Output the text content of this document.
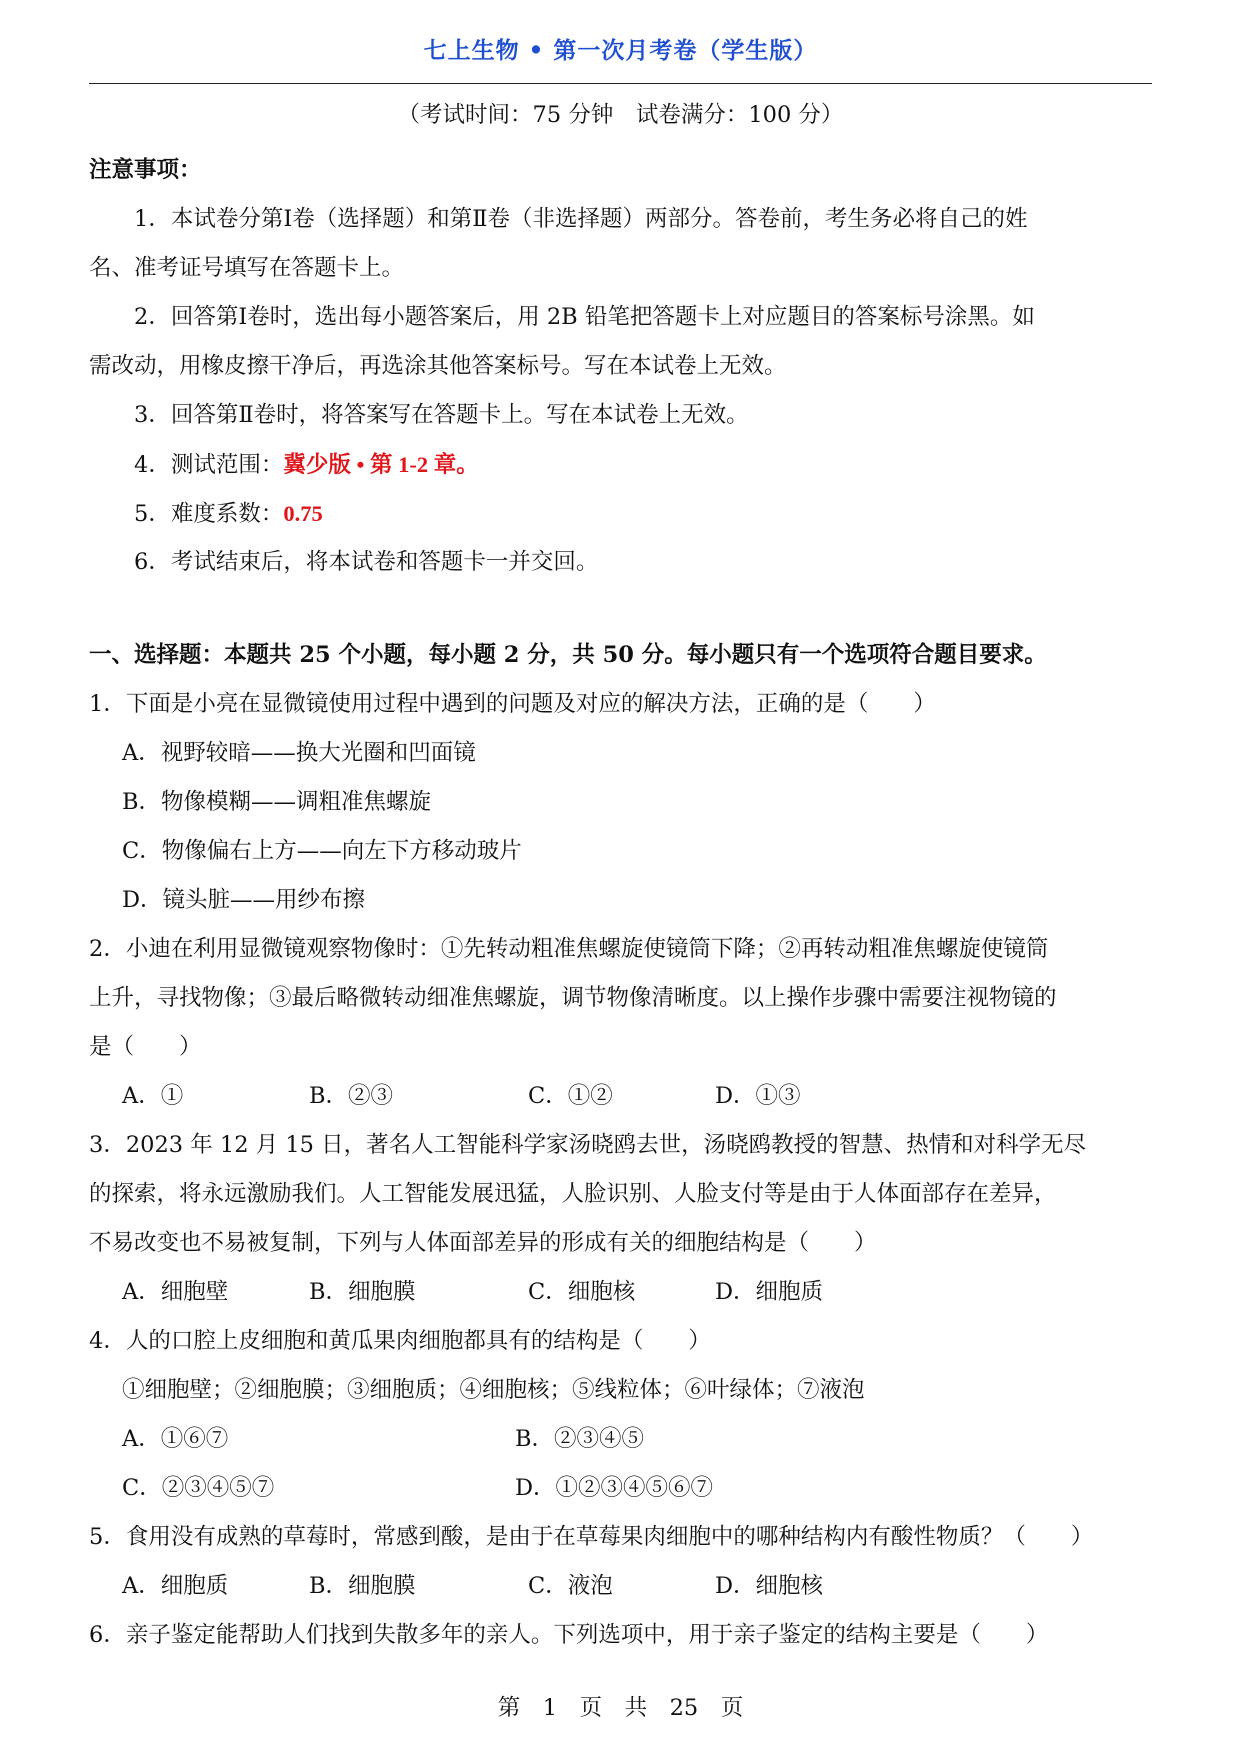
七上生物 • 第一次月考卷（学生版）
（考试时间：75 分钟　试卷满分：100 分）
注意事项：
1．本试卷分第Ⅰ卷（选择题）和第Ⅱ卷（非选择题）两部分。答卷前，考生务必将自己的姓
名、准考证号填写在答题卡上。
2．回答第Ⅰ卷时，选出每小题答案后，用 2B 铅笔把答题卡上对应题目的答案标号涂黑。如
需改动，用橡皮擦干净后，再选涂其他答案标号。写在本试卷上无效。
3．回答第Ⅱ卷时，将答案写在答题卡上。写在本试卷上无效。
4．测试范围：冀少版 • 第 1-2 章。
5．难度系数：0.75
6．考试结束后，将本试卷和答题卡一并交回。
一、选择题：本题共 25 个小题，每小题 2 分，共 50 分。每小题只有一个选项符合题目要求。
1．下面是小亮在显微镜使用过程中遇到的问题及对应的解决方法，正确的是（　　）
A．视野较暗——换大光圈和凹面镜
B．物像模糊——调粗准焦螺旋
C．物像偏右上方——向左下方移动玻片
D．镜头脏——用纱布擦
2．小迪在利用显微镜观察物像时：①先转动粗准焦螺旋使镜筒下降；②再转动粗准焦螺旋使镜筒
上升，寻找物像；③最后略微转动细准焦螺旋，调节物像清晰度。以上操作步骤中需要注视物镜的
是（　　）
A．①	B．②③	C．①②	D．①③
3．2023 年 12 月 15 日，著名人工智能科学家汤晓鸥去世，汤晓鸥教授的智慧、热情和对科学无尽
的探索，将永远激励我们。人工智能发展迅猛，人脸识别、人脸支付等是由于人体面部存在差异，
不易改变也不易被复制，下列与人体面部差异的形成有关的细胞结构是（　　）
A．细胞壁	B．细胞膜	C．细胞核	D．细胞质
4．人的口腔上皮细胞和黄瓜果肉细胞都具有的结构是（　　）
①细胞壁；②细胞膜；③细胞质；④细胞核；⑤线粒体；⑥叶绿体；⑦液泡
A．①⑥⑦	B．②③④⑤
C．②③④⑤⑦	D．①②③④⑤⑥⑦
5．食用没有成熟的草莓时，常感到酸，是由于在草莓果肉细胞中的哪种结构内有酸性物质？（　　）
A．细胞质	B．细胞膜	C．液泡	D．细胞核
6．亲子鉴定能帮助人们找到失散多年的亲人。下列选项中，用于亲子鉴定的结构主要是（　　）
第　1　页　共　25　页
